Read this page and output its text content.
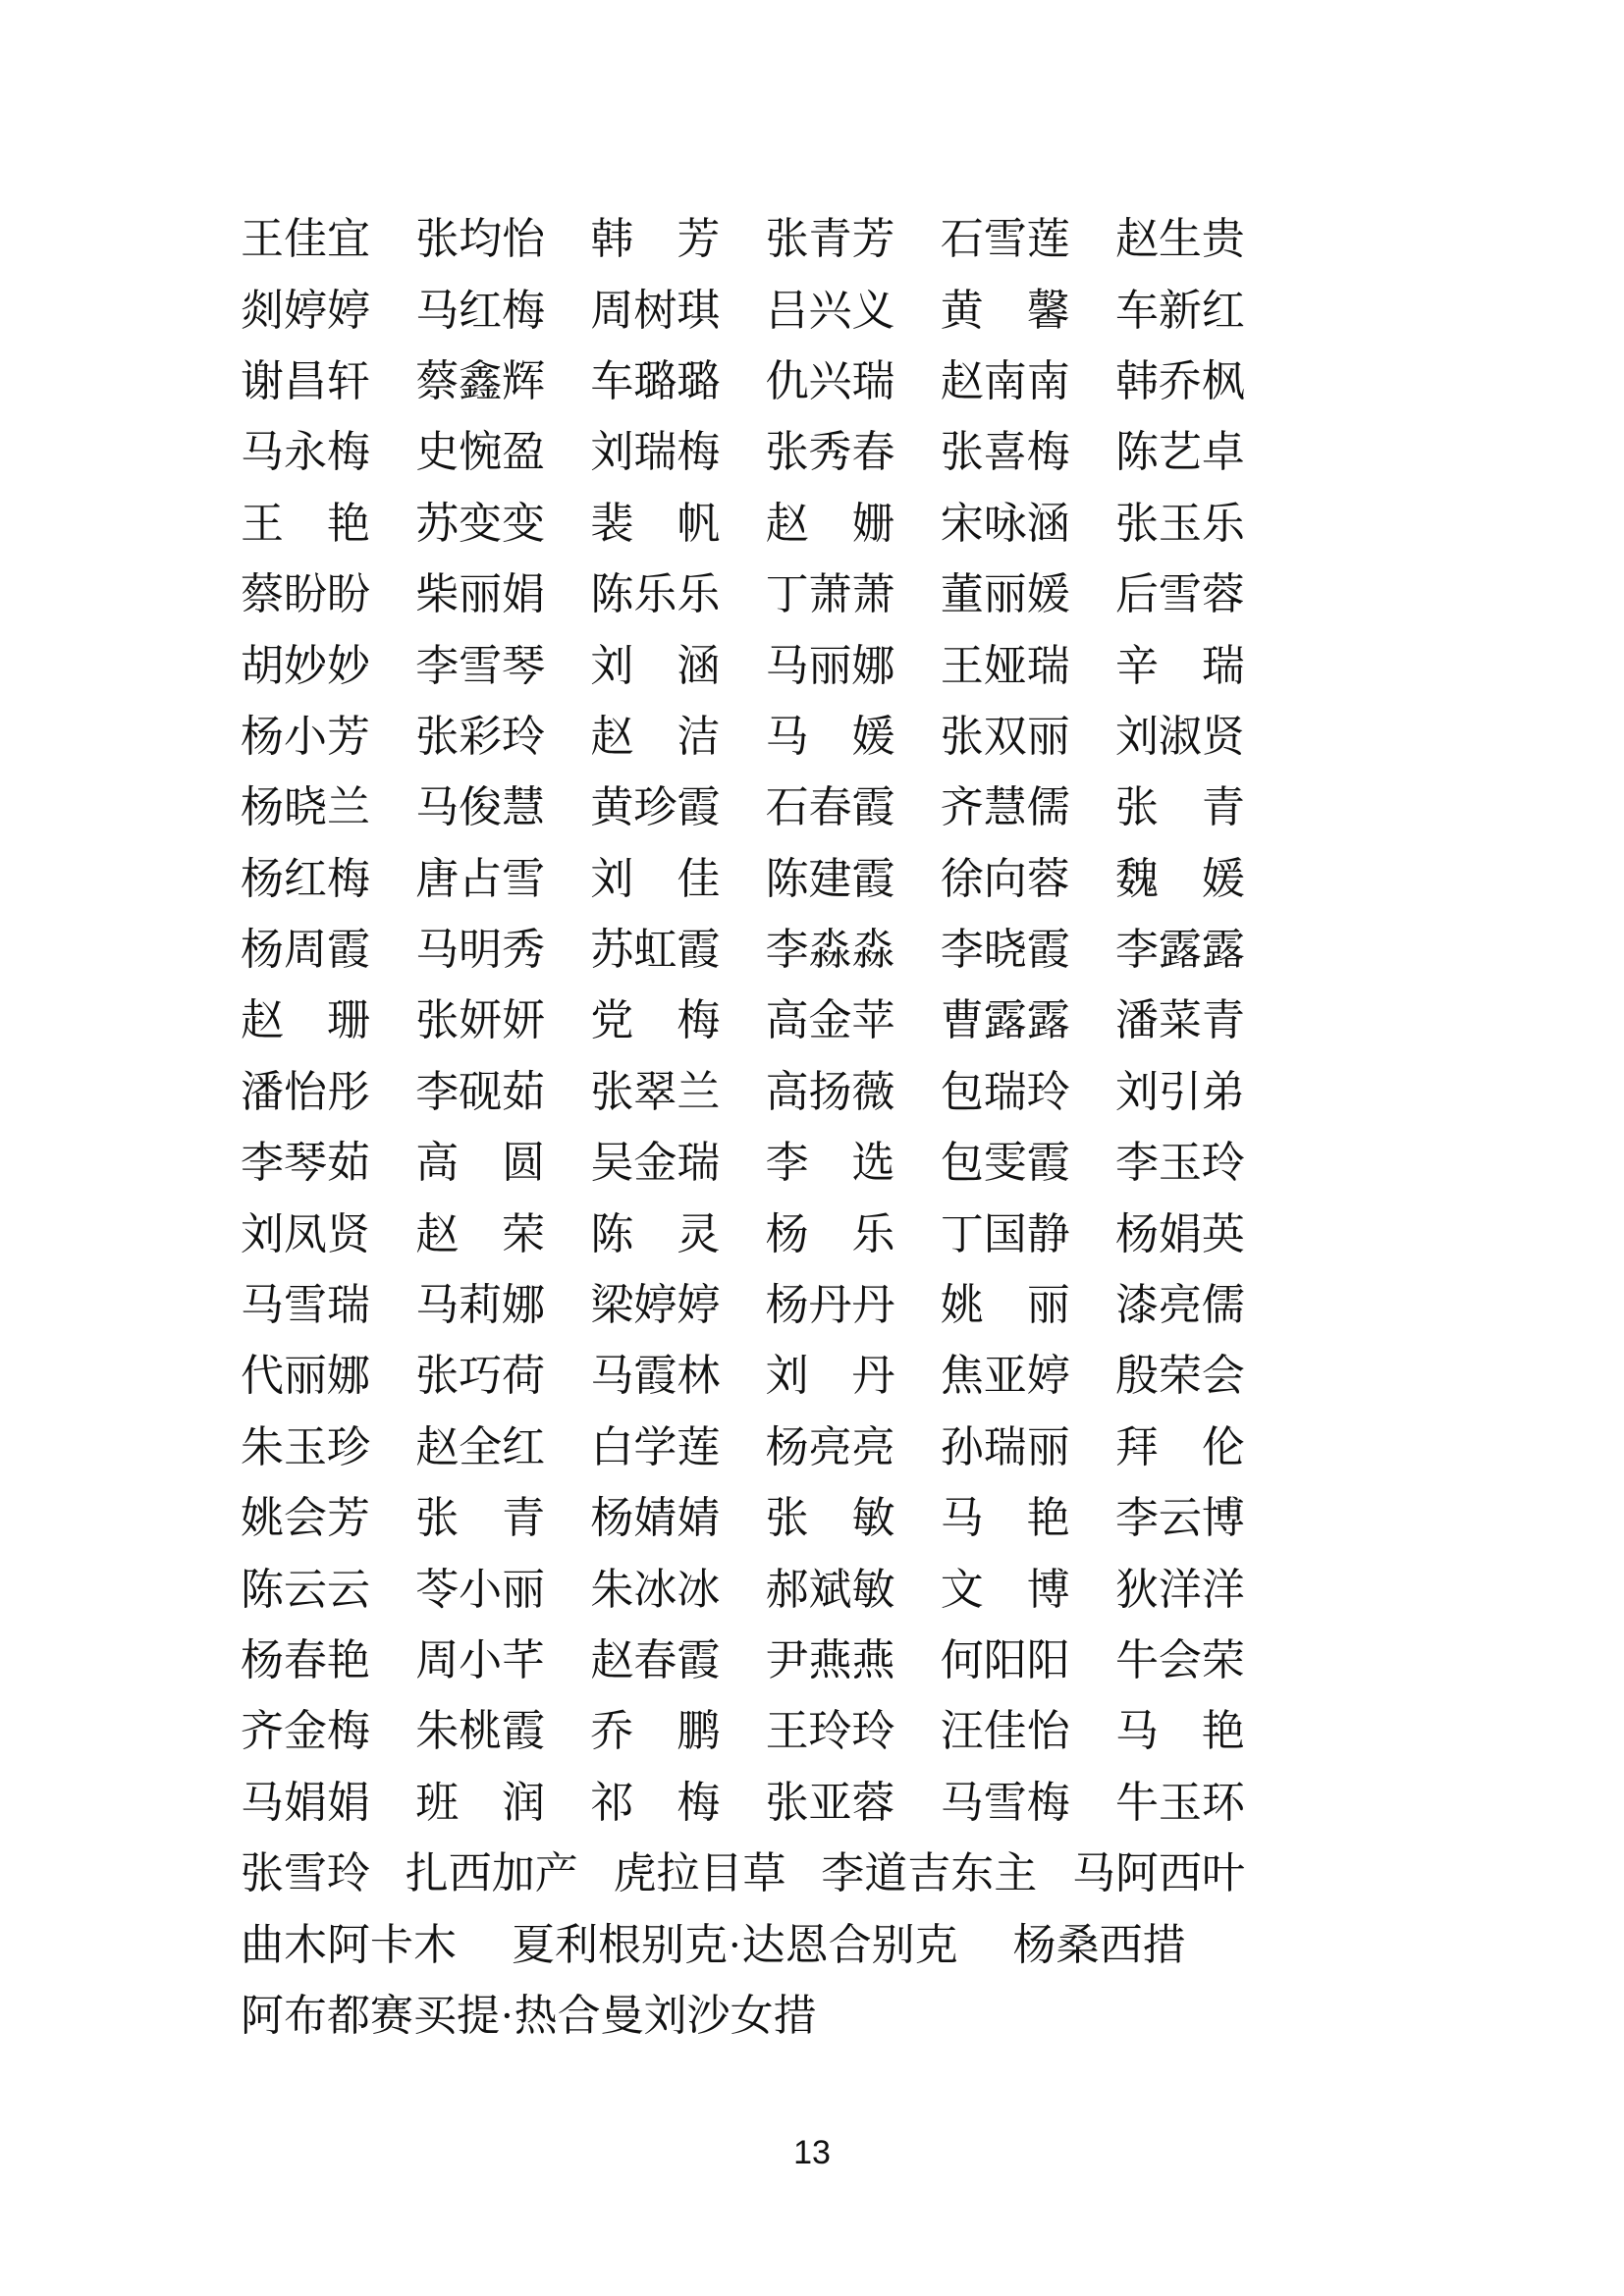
王佳宜 张均怡 韩　芳 张青芳 石雪莲 赵生贵
剡婷婷 马红梅 周树琪 吕兴义 黄　馨 车新红
谢昌轩 蔡鑫辉 车璐璐 仇兴瑞 赵南南 韩乔枫
马永梅 史惋盈 刘瑞梅 张秀春 张喜梅 陈艺卓
王　艳 苏变变 裴　帆 赵　姗 宋咏涵 张玉乐
蔡盼盼 柴丽娟 陈乐乐 丁萧萧 董丽媛 后雪蓉
胡妙妙 李雪琴 刘　涵 马丽娜 王娅瑞 辛　瑞
杨小芳 张彩玲 赵　洁 马　媛 张双丽 刘淑贤
杨晓兰 马俊慧 黄珍霞 石春霞 齐慧儒 张　青
杨红梅 唐占雪 刘　佳 陈建霞 徐向蓉 魏　媛
杨周霞 马明秀 苏虹霞 李淼淼 李晓霞 李露露
赵　珊 张妍妍 党　梅 高金苹 曹露露 潘菜青
潘怡彤 李砚茹 张翠兰 高扬薇 包瑞玲 刘引弟
李琴茹 高　圆 吴金瑞 李　选 包雯霞 李玉玲
刘凤贤 赵　荣 陈　灵 杨　乐 丁国静 杨娟英
马雪瑞 马莉娜 梁婷婷 杨丹丹 姚　丽 漆亮儒
代丽娜 张巧荷 马霞林 刘　丹 焦亚婷 殷荣会
朱玉珍 赵全红 白学莲 杨亮亮 孙瑞丽 拜　伦
姚会芳 张　青 杨婧婧 张　敏 马　艳 李云博
陈云云 苓小丽 朱冰冰 郝斌敏 文　博 狄洋洋
杨春艳 周小芊 赵春霞 尹燕燕 何阳阳 牛会荣
齐金梅 朱桃霞 乔　鹏 王玲玲 汪佳怡 马　艳
马娟娟 班　润 祁　梅 张亚蓉 马雪梅 牛玉环
张雪玲 扎西加产 虎拉目草 李道吉东主 马阿西叶
曲木阿卡木 夏利根别克·达恩合别克 杨桑西措
阿布都赛买提·热合曼刘沙女措
13
